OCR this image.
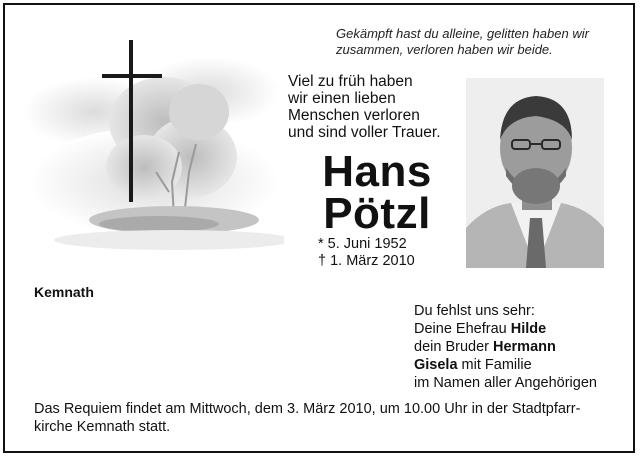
Gekämpft hast du alleine, gelitten haben wir
zusammen, verloren haben wir beide.
Viel zu früh haben
wir einen lieben
Menschen verloren
und sind voller Trauer.
Hans
Pötzl
* 5. Juni 1952
† 1. März 2010
Kemnath
Du fehlst uns sehr:
Deine Ehefrau Hilde
dein Bruder Hermann
Gisela mit Familie
im Namen aller Angehörigen
Das Requiem findet am Mittwoch, dem 3. März 2010, um 10.00 Uhr in der Stadtpfarr-
kirche Kemnath statt.
